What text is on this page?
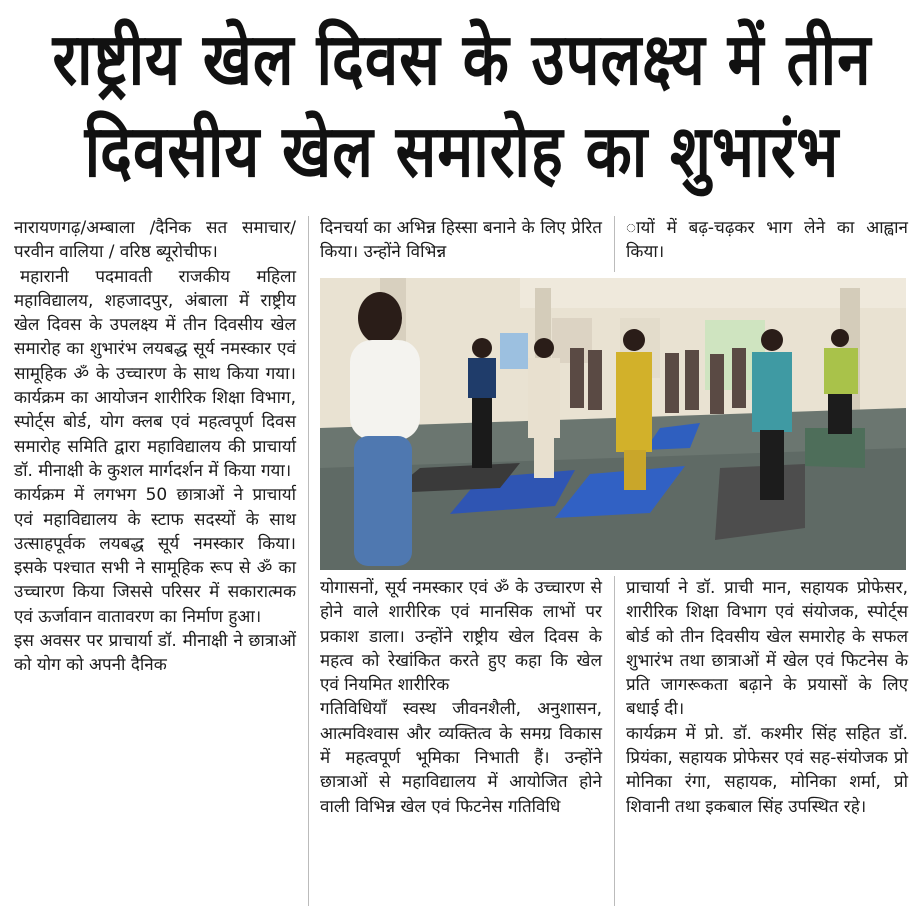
राष्ट्रीय खेल दिवस के उपलक्ष्य में तीन
दिवसीय खेल समारोह का शुभारंभ

नारायणगढ़/अम्बाला /दैनिक सत समाचार/परवीन वालिया / वरिष्ठ ब्यूरोचीफ।

महारानी पदमावती राजकीय महिला महाविद्यालय, शहजादपुर, अंबाला में राष्ट्रीय खेल दिवस के उपलक्ष्य में तीन दिवसीय खेल समारोह का शुभारंभ लयबद्ध सूर्य नमस्कार एवं सामूहिक ॐ के उच्चारण के साथ किया गया। कार्यक्रम का आयोजन शारीरिक शिक्षा विभाग, स्पोर्ट्स बोर्ड, योग क्लब एवं महत्वपूर्ण दिवस समारोह समिति द्वारा महाविद्यालय की प्राचार्या डॉ. मीनाक्षी के कुशल मार्गदर्शन में किया गया।

कार्यक्रम में लगभग 50 छात्राओं ने प्राचार्या एवं महाविद्यालय के स्टाफ सदस्यों के साथ उत्साहपूर्वक लयबद्ध सूर्य नमस्कार किया। इसके पश्चात सभी ने सामूहिक रूप से ॐ का उच्चारण किया जिससे परिसर में सकारात्मक एवं ऊर्जावान वातावरण का निर्माण हुआ।

इस अवसर पर प्राचार्या डॉ. मीनाक्षी ने छात्राओं को योग को अपनी दैनिक

दिनचर्या का अभिन्न हिस्सा बनाने के लिए प्रेरित किया। उन्होंने विभिन्न

ायों में बढ़-चढ़कर भाग लेने का आह्वान किया।

योगासनों, सूर्य नमस्कार एवं ॐ के उच्चारण से होने वाले शारीरिक एवं मानसिक लाभों पर प्रकाश डाला। उन्होंने राष्ट्रीय खेल दिवस के महत्व को रेखांकित करते हुए कहा कि खेल एवं नियमित शारीरिक

गतिविधियाँ स्वस्थ जीवनशैली, अनुशासन, आत्मविश्वास और व्यक्तित्व के समग्र विकास में महत्वपूर्ण भूमिका निभाती हैं। उन्होंने छात्राओं से महाविद्यालय में आयोजित होने वाली विभिन्न खेल एवं फिटनेस गतिविधि

प्राचार्या ने डॉ. प्राची मान, सहायक प्रोफेसर, शारीरिक शिक्षा विभाग एवं संयोजक, स्पोर्ट्स बोर्ड को तीन दिवसीय खेल समारोह के सफल शुभारंभ तथा छात्राओं में खेल एवं फिटनेस के प्रति जागरूकता बढ़ाने के प्रयासों के लिए बधाई दी।

कार्यक्रम में प्रो. डॉ. कश्मीर सिंह सहित डॉ. प्रियंका, सहायक प्रोफेसर एवं सह-संयोजक प्रो मोनिका रंगा, सहायक, मोनिका शर्मा, प्रो शिवानी तथा इकबाल सिंह उपस्थित रहे।
